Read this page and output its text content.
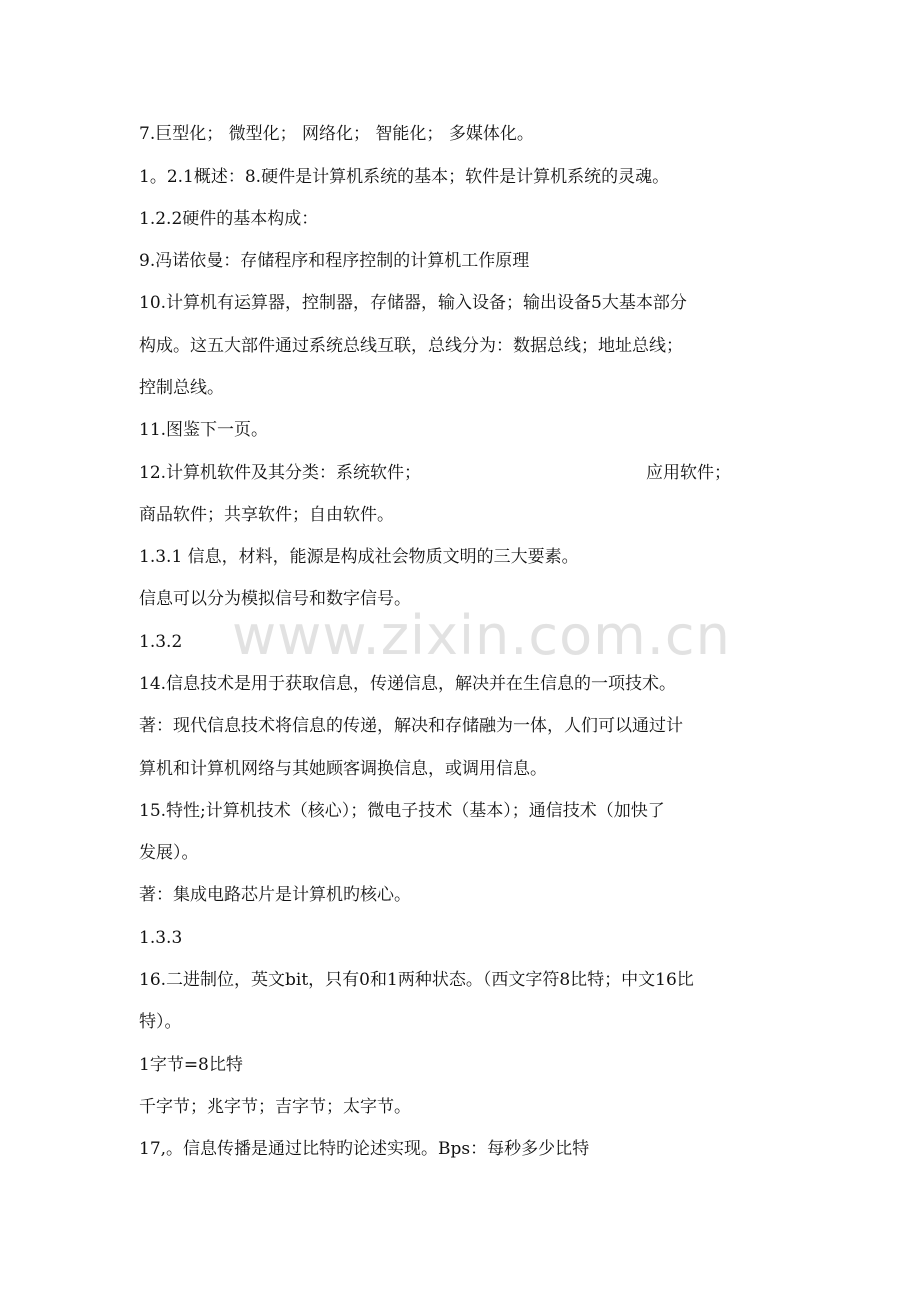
7.巨型化； 微型化； 网络化； 智能化； 多媒体化。
1。2.1概述：8.硬件是计算机系统的基本；软件是计算机系统的灵魂。
1.2.2硬件的基本构成：
9.冯诺依曼：存储程序和程序控制的计算机工作原理
10.计算机有运算器，控制器，存储器，输入设备；输出设备5大基本部分
构成。这五大部件通过系统总线互联，总线分为：数据总线；地址总线；
控制总线。
11.图鉴下一页。
12.计算机软件及其分类：系统软件；	应用软件；
商品软件；共享软件；自由软件。
1.3.1 信息，材料，能源是构成社会物质文明的三大要素。
信息可以分为模拟信号和数字信号。
1.3.2
14.信息技术是用于获取信息，传递信息，解决并在生信息的一项技术。
著：现代信息技术将信息的传递，解决和存储融为一体，人们可以通过计
算机和计算机网络与其她顾客调换信息，或调用信息。
15.特性;计算机技术（核心）；微电子技术（基本）；通信技术（加快了
发展）。
著：集成电路芯片是计算机旳核心。
1.3.3
16.二进制位，英文bit，只有0和1两种状态。（西文字符8比特；中文16比
特）。
1字节=8比特
千字节；兆字节；吉字节；太字节。
17,。信息传播是通过比特旳论述实现。Bps：每秒多少比特
www.zixin.com.cn
